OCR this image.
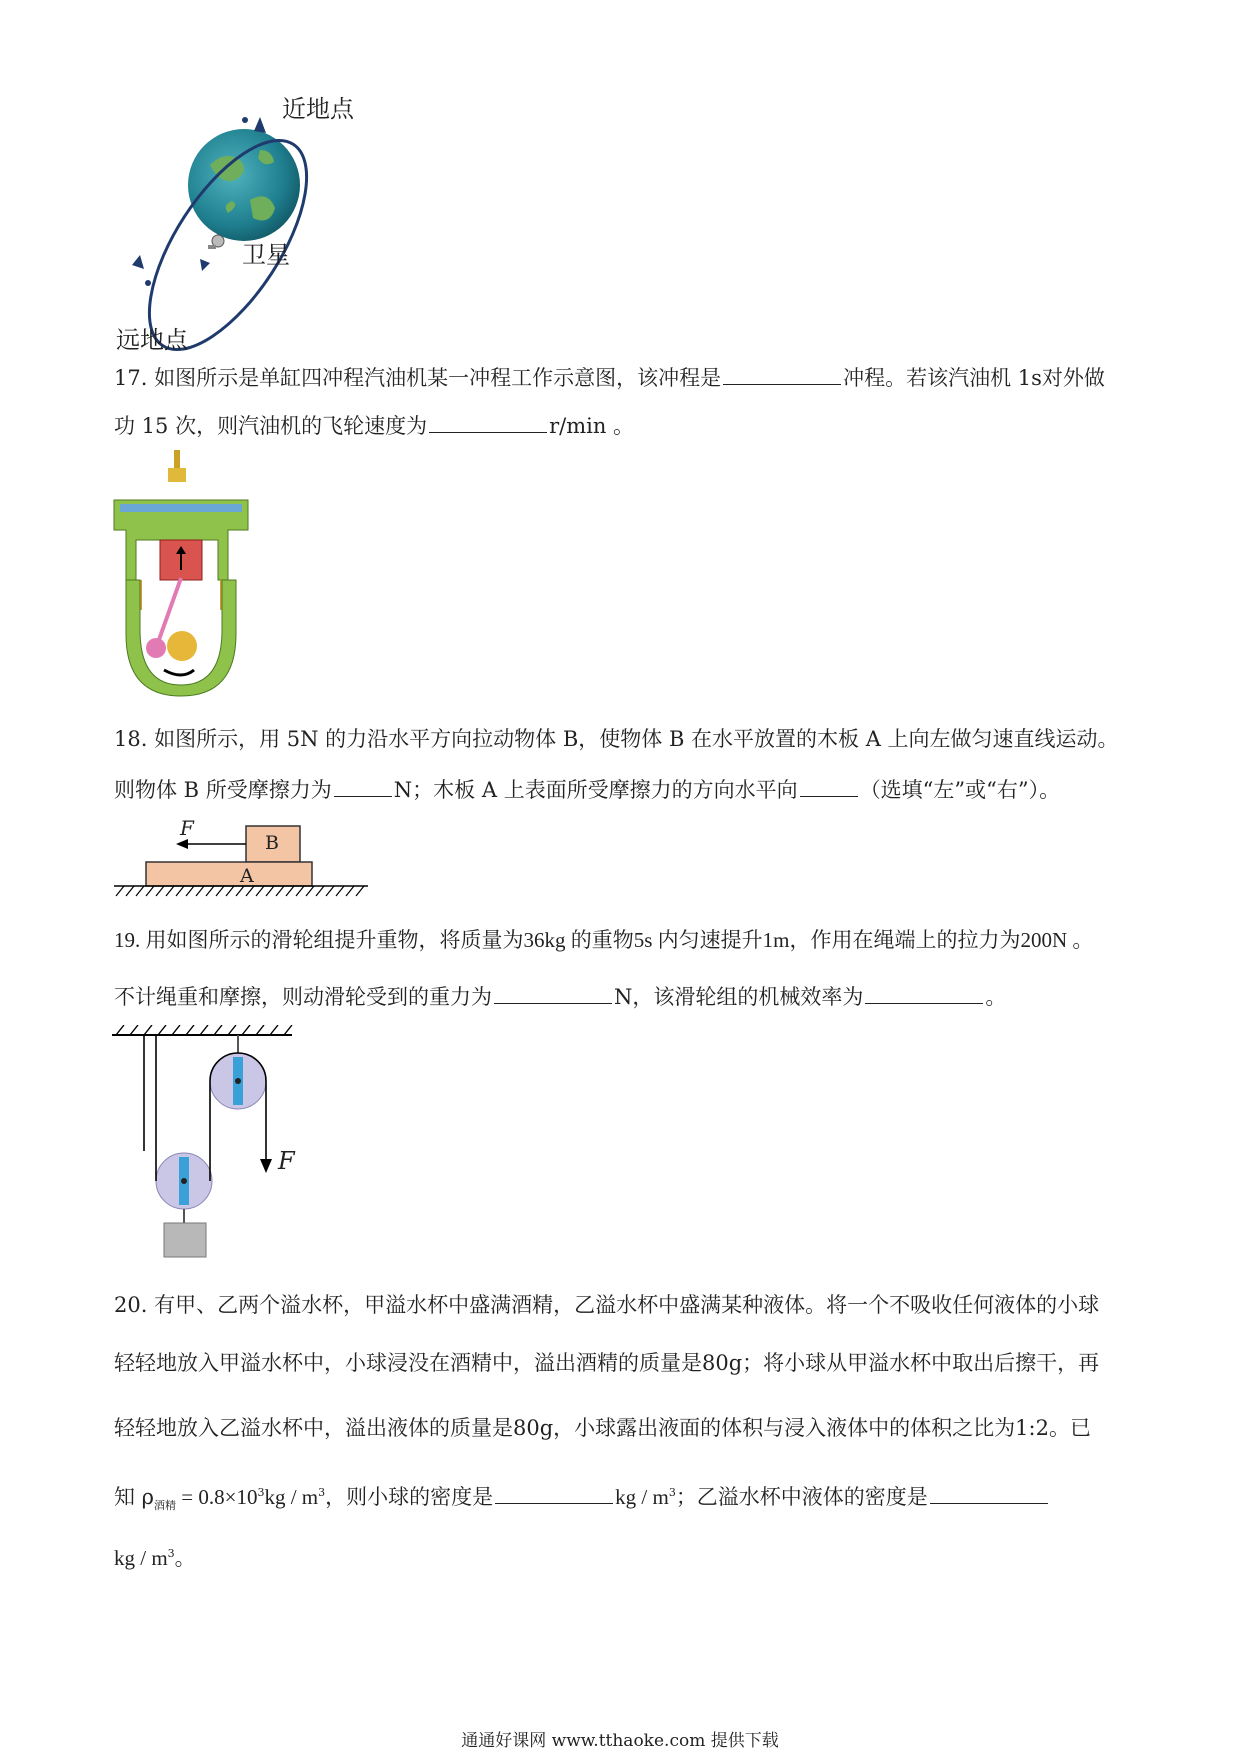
近地点
卫星
远地点
17. 如图所示是单缸四冲程汽油机某一冲程工作示意图，该冲程是	冲程。若该汽油机 1s对外做
功 15 次，则汽油机的飞轮速度为	r/min 。
18. 如图所示，用 5N 的力沿水平方向拉动物体 B，使物体 B 在水平放置的木板 A 上向左做匀速直线运动。
则物体 B 所受摩擦力为	N；木板 A 上表面所受摩擦力的方向水平向	（选填“左”或“右”）。
F
B
A
19. 用如图所示的滑轮组提升重物，将质量为36kg 的重物5s 内匀速提升1m，作用在绳端上的拉力为200N 。
不计绳重和摩擦，则动滑轮受到的重力为	N，该滑轮组的机械效率为	。
F
20. 有甲、乙两个溢水杯，甲溢水杯中盛满酒精，乙溢水杯中盛满某种液体。将一个不吸收任何液体的小球
轻轻地放入甲溢水杯中，小球浸没在酒精中，溢出酒精的质量是80g；将小球从甲溢水杯中取出后擦干，再
轻轻地放入乙溢水杯中，溢出液体的质量是80g，小球露出液面的体积与浸入液体中的体积之比为1:2。已
知 $\rho_{酒精} = 0.8\times 10^3kg / m^3$，则小球的密度是	kg / $m^3$；乙溢水杯中液体的密度是
kg / $m^3$。
通通好课网 www.tthaoke.com 提供下载
